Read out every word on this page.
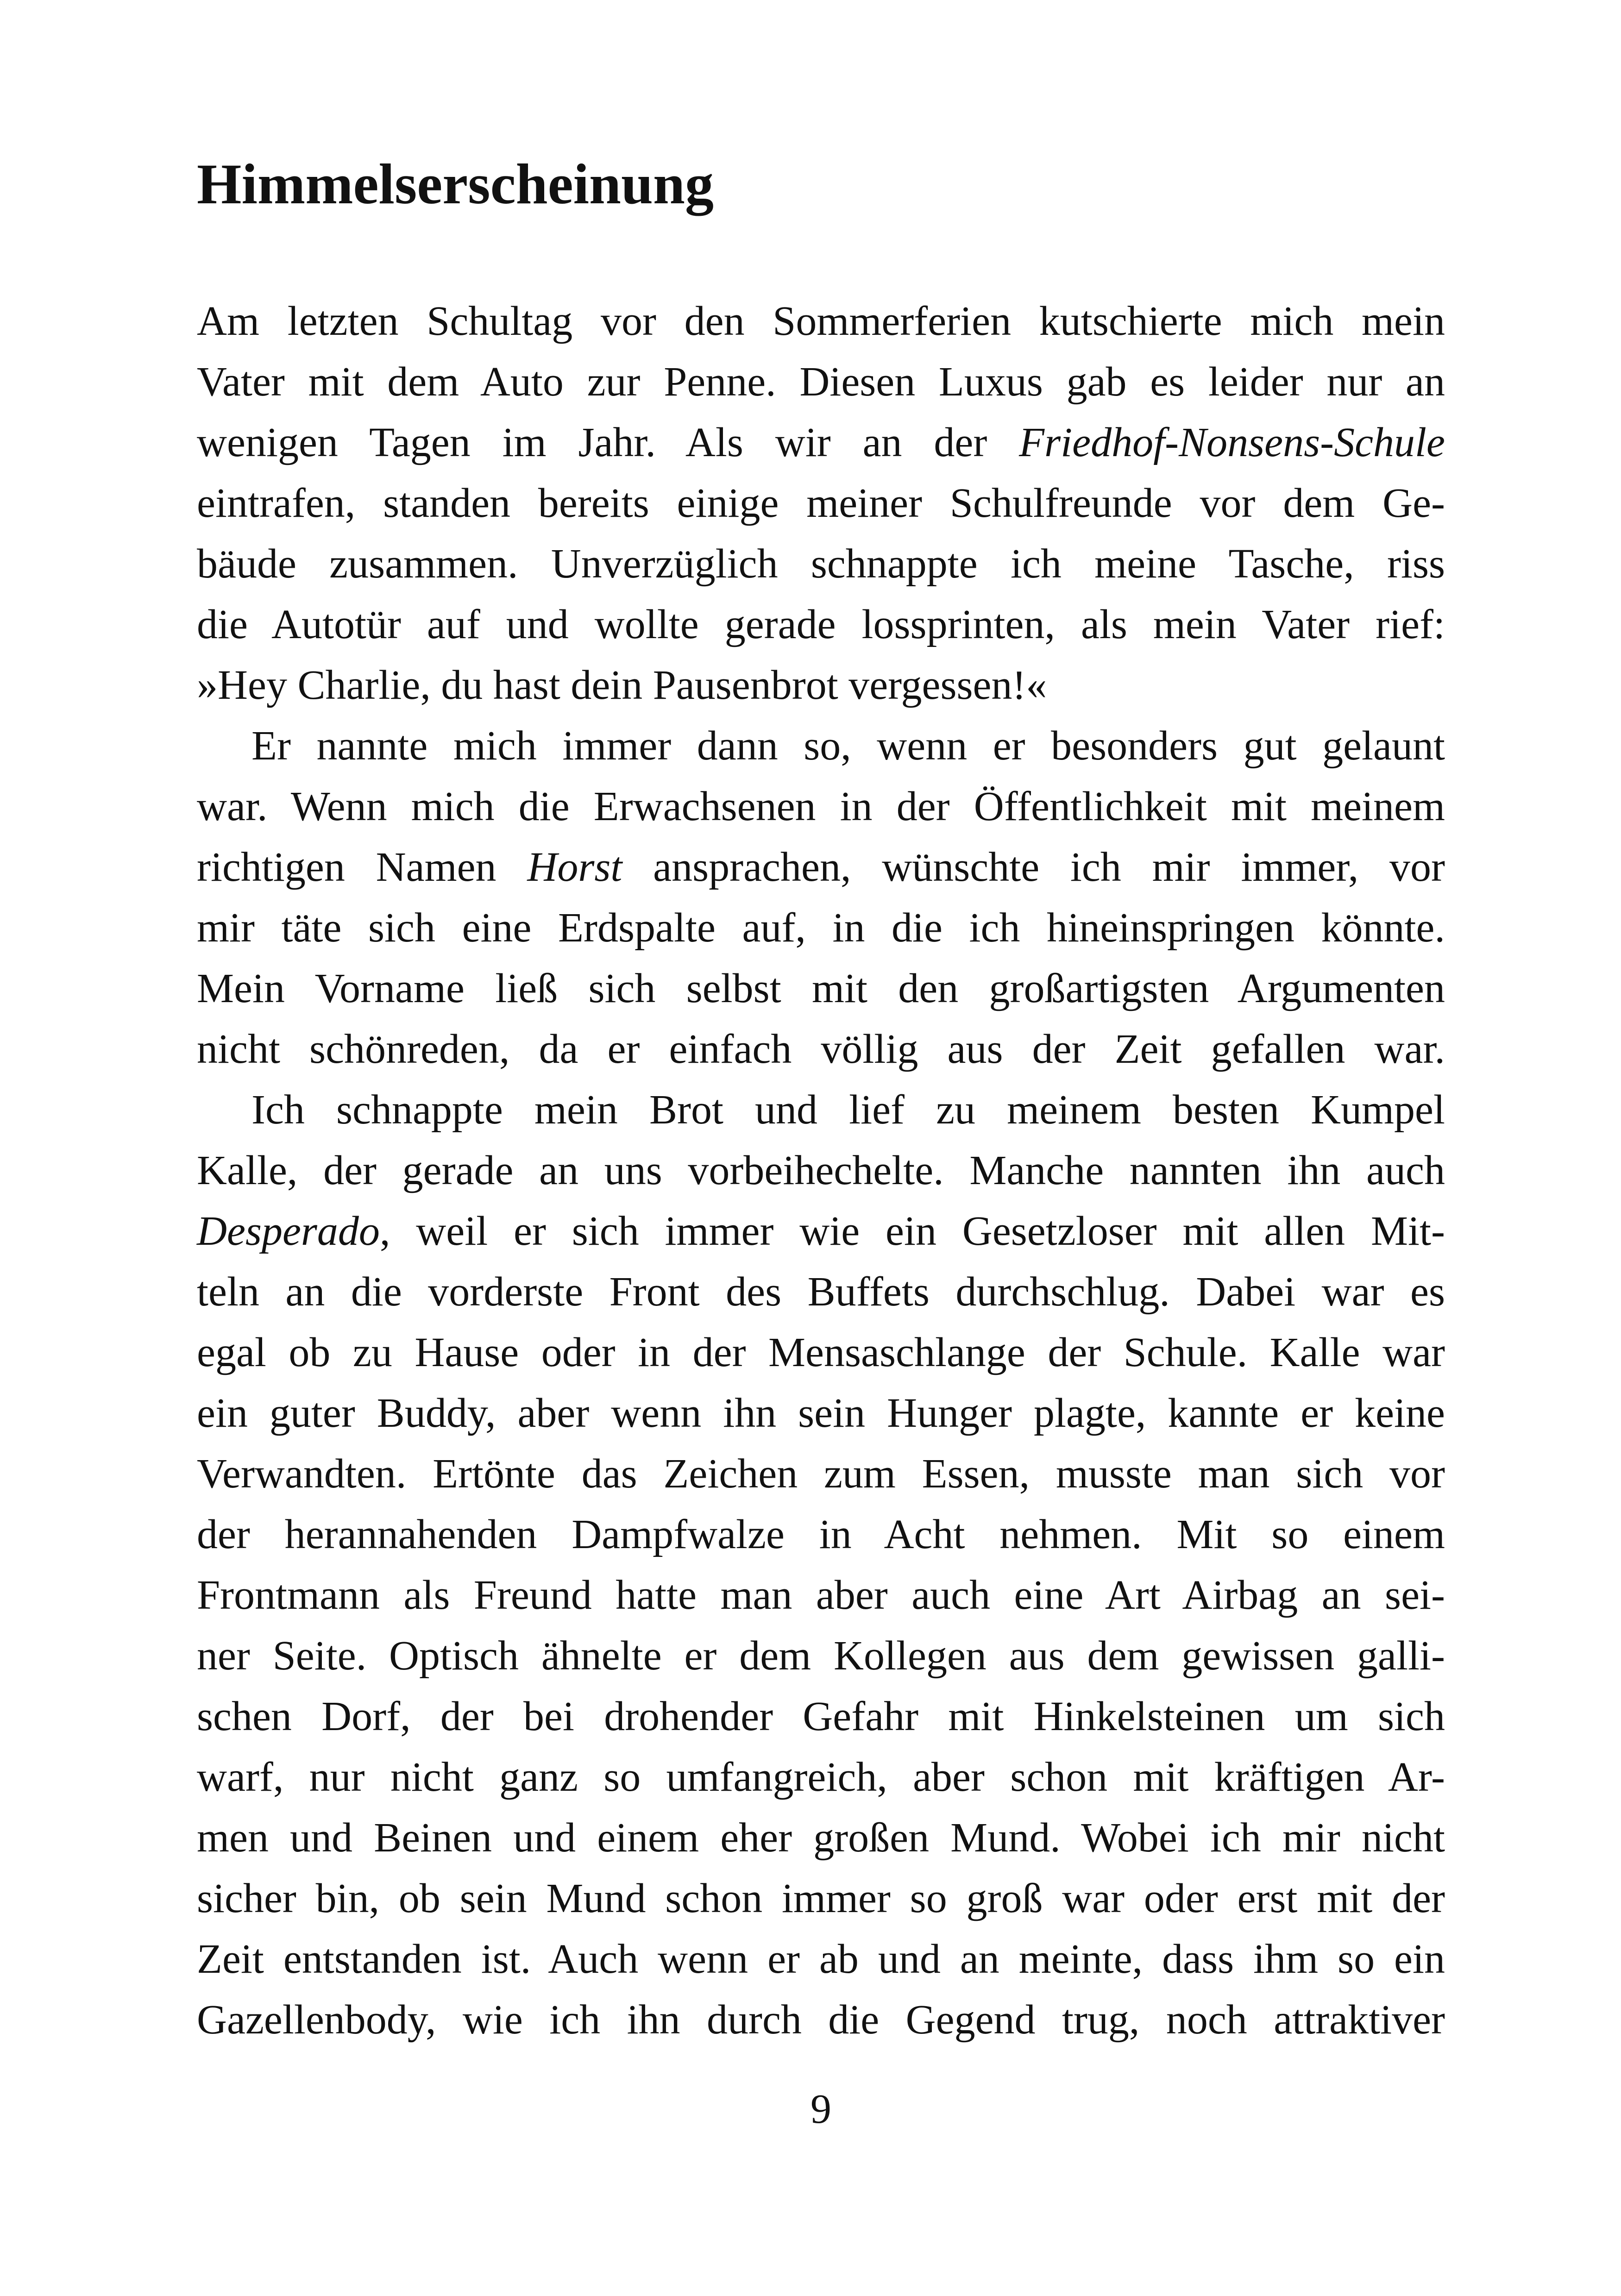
Himmelserscheinung
Am letzten Schultag vor den Sommerferien kutschierte mich mein
Vater mit dem Auto zur Penne. Diesen Luxus gab es leider nur an
wenigen Tagen im Jahr. Als wir an der Friedhof-Nonsens-Schule
eintrafen, standen bereits einige meiner Schulfreunde vor dem Ge-
bäude zusammen. Unverzüglich schnappte ich meine Tasche, riss
die Autotür auf und wollte gerade lossprinten, als mein Vater rief:
»Hey Charlie, du hast dein Pausenbrot vergessen!«
Er nannte mich immer dann so, wenn er besonders gut gelaunt
war. Wenn mich die Erwachsenen in der Öffentlichkeit mit meinem
richtigen Namen Horst ansprachen, wünschte ich mir immer, vor
mir täte sich eine Erdspalte auf, in die ich hineinspringen könnte.
Mein Vorname ließ sich selbst mit den großartigsten Argumenten
nicht schönreden, da er einfach völlig aus der Zeit gefallen war.
Ich schnappte mein Brot und lief zu meinem besten Kumpel
Kalle, der gerade an uns vorbeihechelte. Manche nannten ihn auch
Desperado, weil er sich immer wie ein Gesetzloser mit allen Mit-
teln an die vorderste Front des Buffets durchschlug. Dabei war es
egal ob zu Hause oder in der Mensaschlange der Schule. Kalle war
ein guter Buddy, aber wenn ihn sein Hunger plagte, kannte er keine
Verwandten. Ertönte das Zeichen zum Essen, musste man sich vor
der herannahenden Dampfwalze in Acht nehmen. Mit so einem
Frontmann als Freund hatte man aber auch eine Art Airbag an sei-
ner Seite. Optisch ähnelte er dem Kollegen aus dem gewissen galli-
schen Dorf, der bei drohender Gefahr mit Hinkelsteinen um sich
warf, nur nicht ganz so umfangreich, aber schon mit kräftigen Ar-
men und Beinen und einem eher großen Mund. Wobei ich mir nicht
sicher bin, ob sein Mund schon immer so groß war oder erst mit der
Zeit entstanden ist. Auch wenn er ab und an meinte, dass ihm so ein
Gazellenbody, wie ich ihn durch die Gegend trug, noch attraktiver
9
